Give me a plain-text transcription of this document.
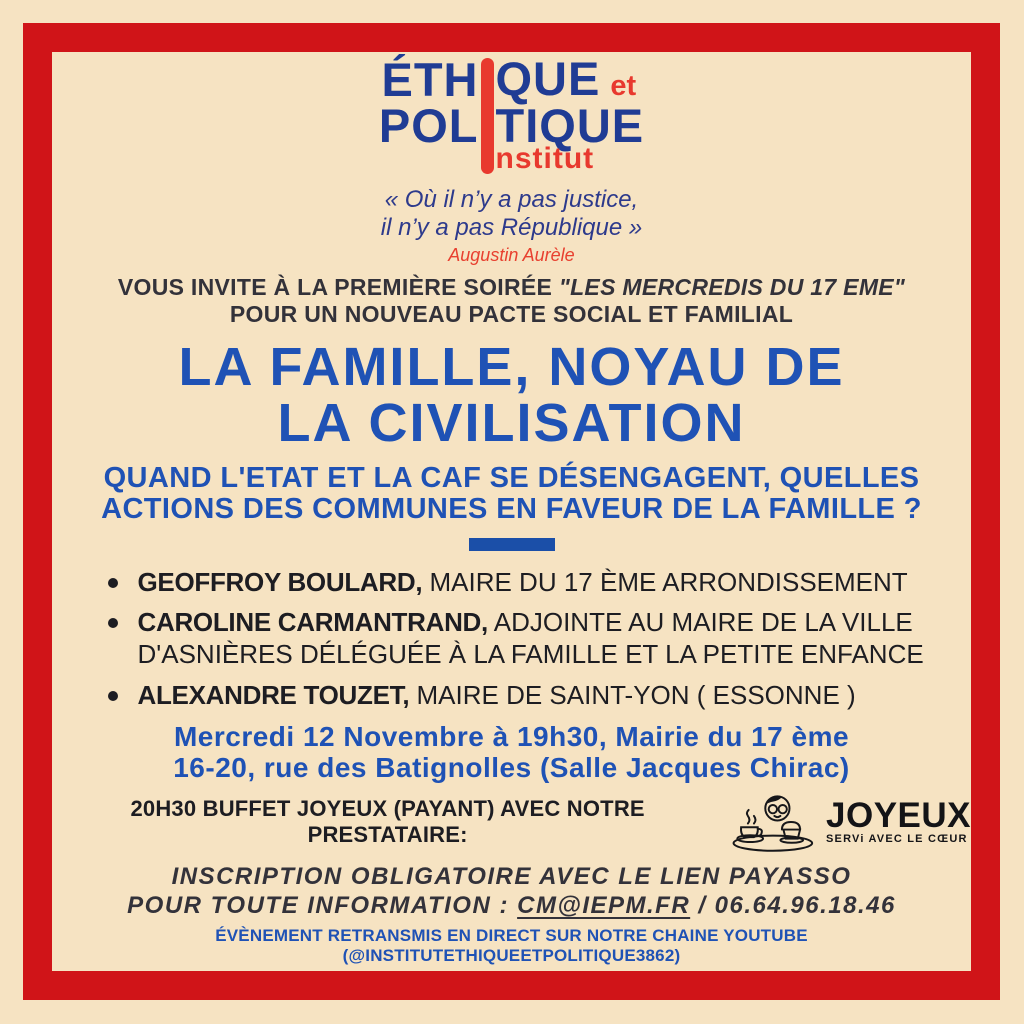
ÉTH QUE et
POL TIQUE
nstitut
« Où il n’y a pas justice,
il n’y a pas République »
Augustin Aurèle
VOUS INVITE À LA PREMIÈRE SOIRÉE "LES MERCREDIS DU 17 EME"
POUR UN NOUVEAU PACTE SOCIAL ET FAMILIAL
LA FAMILLE, NOYAU DE
LA CIVILISATION
QUAND L'ETAT ET LA CAF SE DÉSENGAGENT, QUELLES
ACTIONS DES COMMUNES EN FAVEUR DE LA FAMILLE ?
GEOFFROY BOULARD, MAIRE DU 17 ÈME ARRONDISSEMENT
CAROLINE CARMANTRAND, ADJOINTE AU MAIRE DE LA VILLE D'ASNIÈRES DÉLÉGUÉE À LA FAMILLE ET LA PETITE ENFANCE
ALEXANDRE TOUZET, MAIRE DE SAINT-YON ( ESSONNE )
Mercredi 12 Novembre à 19h30, Mairie du 17 ème
16-20, rue des Batignolles (Salle Jacques Chirac)
20H30 BUFFET JOYEUX (PAYANT) AVEC NOTRE PRESTATAIRE:	JOYEUX
SERVi AVEC LE CŒUR
INSCRIPTION OBLIGATOIRE AVEC LE LIEN PAYASSO
POUR TOUTE INFORMATION : CM@IEPM.FR / 06.64.96.18.46
ÉVÈNEMENT RETRANSMIS EN DIRECT SUR NOTRE CHAINE YOUTUBE
(@INSTITUTETHIQUEETPOLITIQUE3862)
